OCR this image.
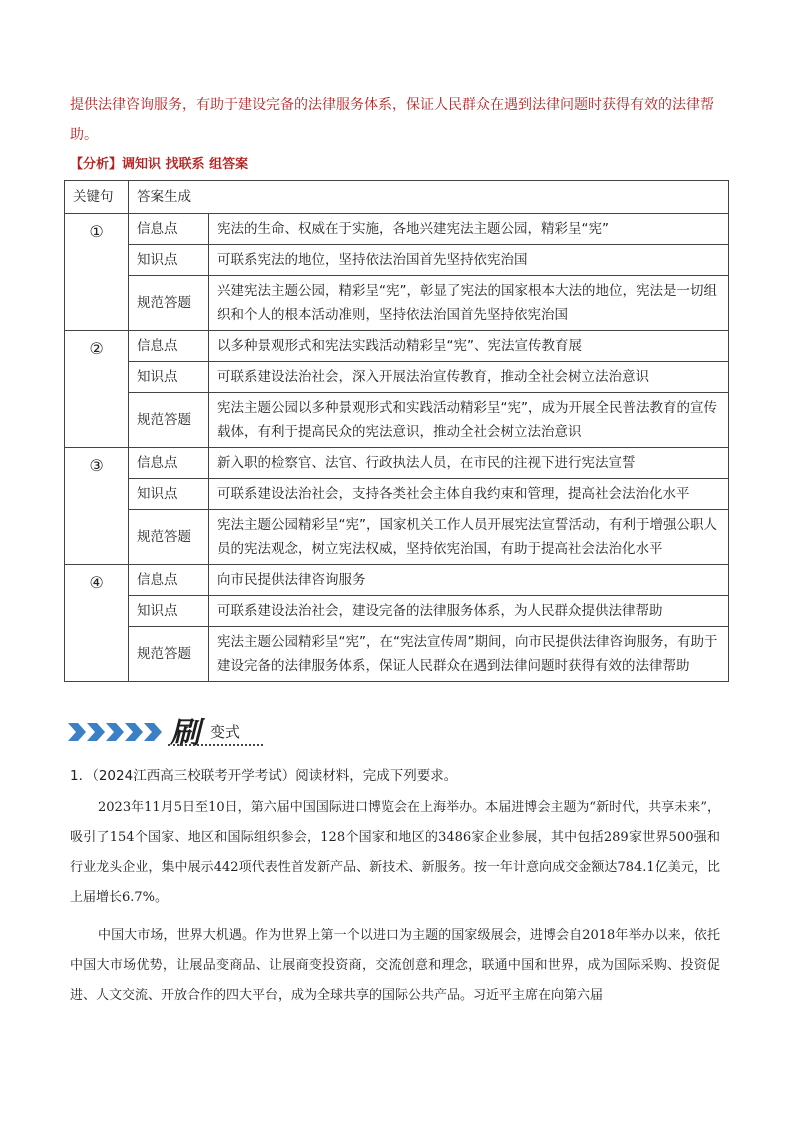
提供法律咨询服务，有助于建设完备的法律服务体系，保证人民群众在遇到法律问题时获得有效的法律帮助。
【分析】调知识 找联系 组答案
关键句	答案生成	
①	信息点	宪法的生命、权威在于实施，各地兴建宪法主题公园，精彩呈“宪”
	知识点	可联系宪法的地位，坚持依法治国首先坚持依宪治国
	规范答题	兴建宪法主题公园，精彩呈“宪”，彰显了宪法的国家根本大法的地位，宪法是一切组织和个人的根本活动准则，坚持依法治国首先坚持依宪治国
②	信息点	以多种景观形式和宪法实践活动精彩呈“宪”、宪法宣传教育展
	知识点	可联系建设法治社会，深入开展法治宣传教育，推动全社会树立法治意识
	规范答题	宪法主题公园以多种景观形式和实践活动精彩呈“宪”，成为开展全民普法教育的宣传载体，有利于提高民众的宪法意识，推动全社会树立法治意识
③	信息点	新入职的检察官、法官、行政执法人员，在市民的注视下进行宪法宣誓
	知识点	可联系建设法治社会，支持各类社会主体自我约束和管理，提高社会法治化水平
	规范答题	宪法主题公园精彩呈“宪”，国家机关工作人员开展宪法宣誓活动，有利于增强公职人员的宪法观念，树立宪法权威，坚持依宪治国，有助于提高社会法治化水平
④	信息点	向市民提供法律咨询服务
	知识点	可联系建设法治社会，建设完备的法律服务体系，为人民群众提供法律帮助
	规范答题	宪法主题公园精彩呈“宪”，在“宪法宣传周”期间，向市民提供法律咨询服务，有助于建设完备的法律服务体系，保证人民群众在遇到法律问题时获得有效的法律帮助
刷 变式
1．（2024江西高三校联考开学考试）阅读材料，完成下列要求。
2023年11月5日至10日，第六届中国国际进口博览会在上海举办。本届进博会主题为“新时代，共享未来”，吸引了154个国家、地区和国际组织参会，128个国家和地区的3486家企业参展，其中包括289家世界500强和行业龙头企业，集中展示442项代表性首发新产品、新技术、新服务。按一年计意向成交金额达784.1亿美元，比上届增长6.7%。
中国大市场，世界大机遇。作为世界上第一个以进口为主题的国家级展会，进博会自2018年举办以来，依托中国大市场优势，让展品变商品、让展商变投资商，交流创意和理念，联通中国和世界，成为国际采购、投资促进、人文交流、开放合作的四大平台，成为全球共享的国际公共产品。习近平主席在向第六届
